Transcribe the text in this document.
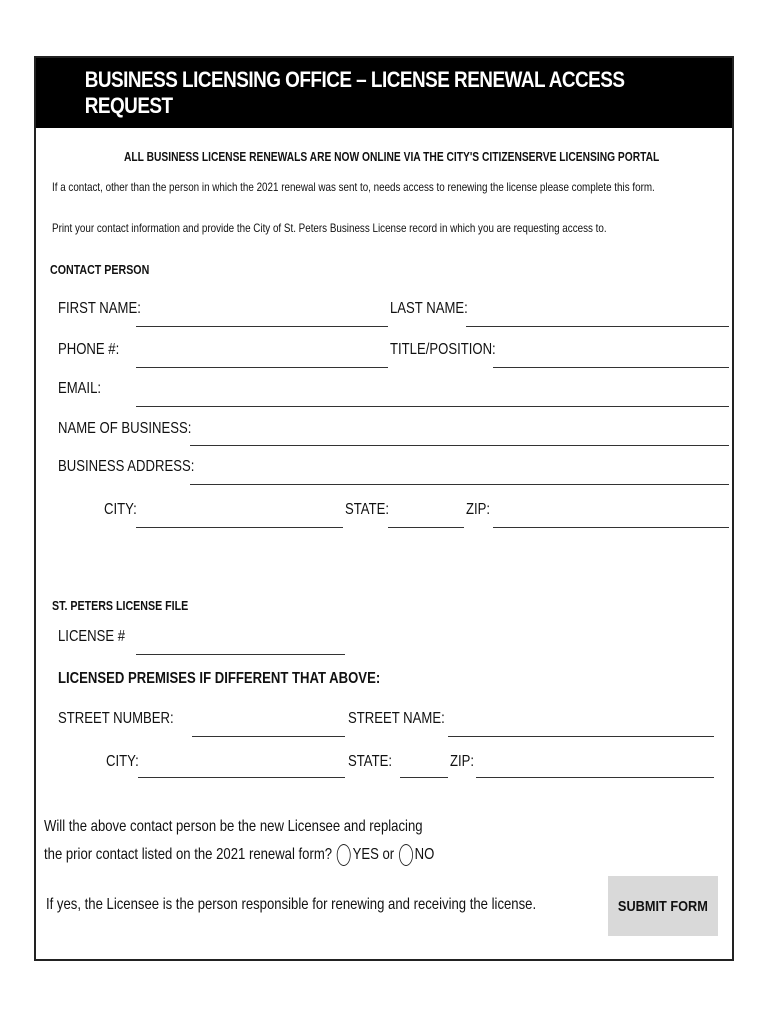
BUSINESS LICENSING OFFICE – LICENSE RENEWAL ACCESS REQUEST
ALL BUSINESS LICENSE RENEWALS ARE NOW ONLINE VIA THE CITY'S CITIZENSERVE LICENSING PORTAL
If a contact, other than the person in which the 2021 renewal was sent to, needs access to renewing the license please complete this form.
Print your contact information and provide the City of St. Peters Business License record in which you are requesting access to.
CONTACT PERSON
FIRST NAME:	LAST NAME:
PHONE #:	TITLE/POSITION:
EMAIL:
NAME OF BUSINESS:
BUSINESS ADDRESS:
CITY:	STATE:	ZIP:
ST. PETERS LICENSE FILE
LICENSE #
LICENSED PREMISES IF DIFFERENT THAT ABOVE:
STREET NUMBER:	STREET NAME:
CITY:	STATE:	ZIP:
Will the above contact person be the new Licensee and replacing
the prior contact listed on the 2021 renewal form? YES or NO
If yes, the Licensee is the person responsible for renewing and receiving the license.	SUBMIT FORM
